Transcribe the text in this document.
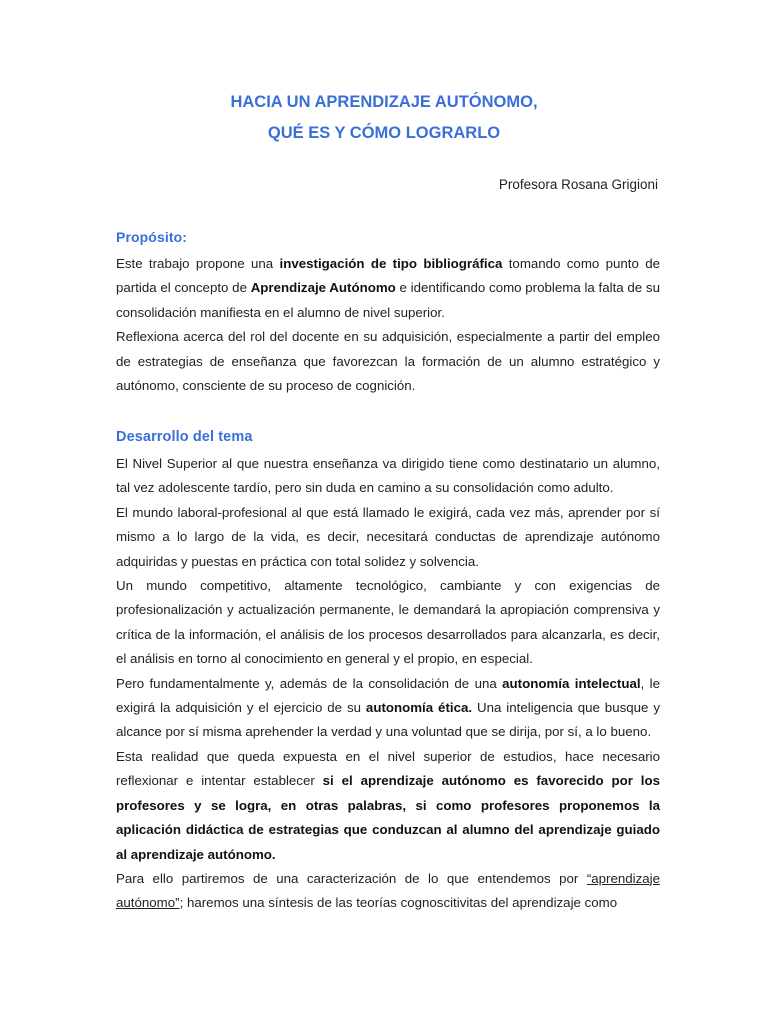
HACIA UN APRENDIZAJE AUTÓNOMO,
QUÉ ES Y CÓMO LOGRARLO
Profesora Rosana Grigioni
Propósito:

Este trabajo propone una investigación de tipo bibliográfica tomando como punto de partida el concepto de Aprendizaje Autónomo e identificando como problema la falta de su consolidación manifiesta en el alumno de nivel superior.

Reflexiona acerca del rol del docente en su adquisición, especialmente a partir del empleo de estrategias de enseñanza que favorezcan la formación de un alumno estratégico y autónomo, consciente de su proceso de cognición.

Desarrollo del tema

El Nivel Superior al que nuestra enseñanza va dirigido tiene como destinatario un alumno, tal vez adolescente tardío, pero sin duda en camino a su consolidación como adulto.

El mundo laboral-profesional al que está llamado le exigirá, cada vez más, aprender por sí mismo a lo largo de la vida, es decir, necesitará conductas de aprendizaje autónomo adquiridas y puestas en práctica con total solidez y solvencia.

Un mundo competitivo, altamente tecnológico, cambiante y con exigencias de profesionalización y actualización permanente, le demandará la apropiación comprensiva y crítica de la información, el análisis de los procesos desarrollados para alcanzarla, es decir, el análisis en torno al conocimiento en general y el propio, en especial.

Pero fundamentalmente y, además de la consolidación de una autonomía intelectual, le exigirá la adquisición y el ejercicio de su autonomía ética. Una inteligencia que busque y alcance por sí misma aprehender la verdad y una voluntad que se dirija, por sí, a lo bueno.

Esta realidad que queda expuesta en el nivel superior de estudios, hace necesario reflexionar e intentar establecer si el aprendizaje autónomo es favorecido por los profesores y se logra, en otras palabras, si como profesores proponemos la aplicación didáctica de estrategias que conduzcan al alumno del aprendizaje guiado al aprendizaje autónomo.

Para ello partiremos de una caracterización de lo que entendemos por “aprendizaje autónomo”; haremos una síntesis de las teorías cognoscitivitas del aprendizaje como
